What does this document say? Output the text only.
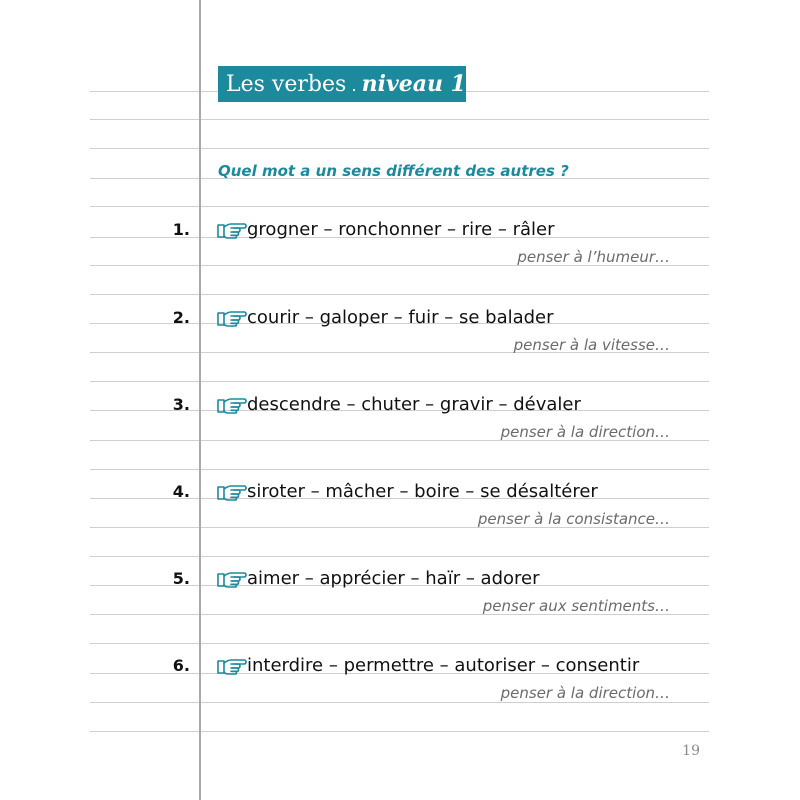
Les verbes niveau 1
Quel mot a un sens différent des autres ?
1.	grogner – ronchonner – rire – râler
penser à l’humeur…
2.	courir – galoper – fuir – se balader
penser à la vitesse…
3.	descendre – chuter – gravir – dévaler
penser à la direction…
4.	siroter – mâcher – boire – se désaltérer
penser à la consistance…
5.	aimer – apprécier – haïr – adorer
penser aux sentiments…
6.	interdire – permettre – autoriser – consentir
penser à la direction…
19
